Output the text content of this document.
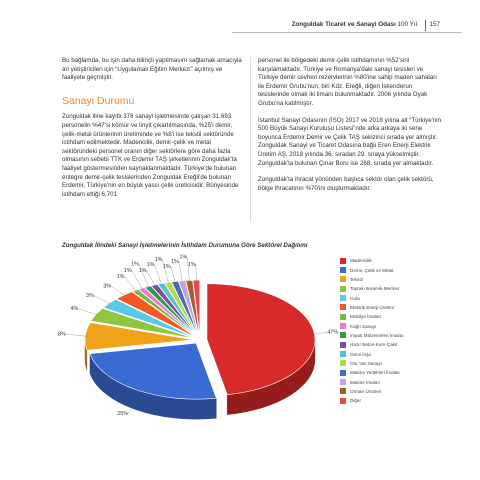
Zonguldak Ticaret ve Sanayi Odası 100 Yıl 157

Bu bağlamda, bu işin daha bilinçli yapılmasını sağlamak amacıyla ari yetiştiricileri için “Uygulamalı Eğitim Merkezi” açılmış ve faaliyete geçmiştir.

Sanayi Durumu

Zonguldak iline kayıtlı 378 sanayi işletmesinde çalışan 31.693 personelin %47'si kömür ve linyit çıkartılmasında, %25'i demir, çelik-metal ürünlerinin üretiminde ve %8'i ise tekstil sektöründe istihdam edilmektedir. Madencilik, demir-çelik ve metal sektöründeki personel oranın diğer sektörlere göre daha fazla olmasının sebebi TTK ve Erdemir TAŞ şirketlerinin Zonguldak'ta faaliyet göstermesinden kaynaklanmaktadır. Türkiye'de bulunan entegre demir-çelik tesislerinden Zonguldak Ereğli'de bulunan Erdemir, Türkiye'nin en büyük yassı çelik üreticisidir. Bünyesinde istihdam ettiği 6.701

personel ile bölgedeki demir-çelik istihdamının %52'sini karşılamaktadır. Türkiye ve Romanya'daki sanayi tesisleri ve Türkiye demir cevheri rezervlerinin %80'ine sahip maden sahaları ile Erdemir Grubu'nun; biri Kdz. Ereğli, diğeri İskenderun tesislerinde olmak iki limanı bulunmaktadır. 2006 yılında Oyak Grubu'na katılmıştır.

İstanbul Sanayi Odasının (İSO) 2017 ve 2018 yılına ait “Türkiye'nin 500 Büyük Sanayi Kuruluşu Listesi”nde arka arkaya iki sene boyunca Erdemir Demir ve Çelik TAŞ sekizinci sırada yer almıştır. Zonguldak Sanayi ve Ticaret Odasına bağlı Eren Enerji Elektrik Üretim AŞ, 2018 yılında 36. sıradan 29. sıraya yükselmiştir. Zonguldak'ta bulunan Çınar Boru ise 268. sırada yer almaktadır.

Zonguldak'ta ihracat yönünden başlıca sektör olan çelik sektörü, bölge ihracatının %70'ini oluşturmaktadır.

Zonguldak İlindeki Sanayi İşletmelerinin İstihdam Durumuna Göre Sektörel Dağılımı
47%
25%
8%
4%
3%
3%
1%
1%
1%
1%
1%
1%
1%
1%
1%
1%
Madencilik
Demir, Çelik ve Metal
Tekstil
Toprak-Seramik-Mermer
Gıda
Elektrik Enerji Üretimi
Mobilya İmalatı
Kağıt Sanayi
İnşaat Malzemeleri İmalatı
Hazır Beton-Kum-Çakıl
Gemi İnşa
Oto Yan Sanayi
Makina Yedekleri İmalatı
Makine İmalatı
Orman Ürünleri
Diğer
